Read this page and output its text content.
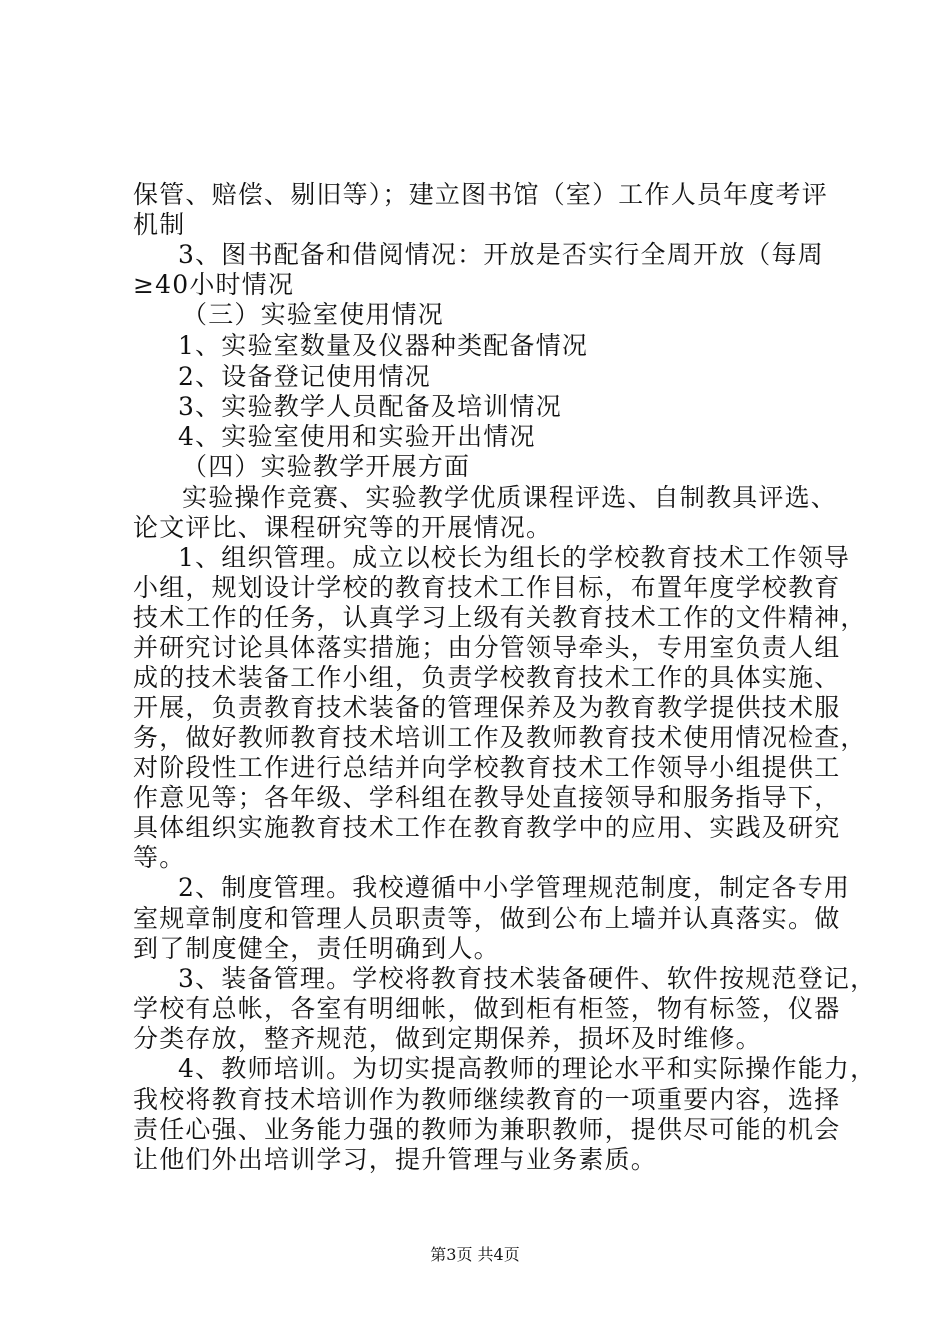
保管、赔偿、剔旧等）；建立图书馆（室）工作人员年度考评
机制
3、图书配备和借阅情况：开放是否实行全周开放（每周
≥40小时情况
（三）实验室使用情况
1、实验室数量及仪器种类配备情况
2、设备登记使用情况
3、实验教学人员配备及培训情况
4、实验室使用和实验开出情况
（四）实验教学开展方面
实验操作竞赛、实验教学优质课程评选、自制教具评选、
论文评比、课程研究等的开展情况。
1、组织管理。成立以校长为组长的学校教育技术工作领导
小组，规划设计学校的教育技术工作目标，布置年度学校教育
技术工作的任务，认真学习上级有关教育技术工作的文件精神，
并研究讨论具体落实措施；由分管领导牵头，专用室负责人组
成的技术装备工作小组，负责学校教育技术工作的具体实施、
开展，负责教育技术装备的管理保养及为教育教学提供技术服
务，做好教师教育技术培训工作及教师教育技术使用情况检查，
对阶段性工作进行总结并向学校教育技术工作领导小组提供工
作意见等；各年级、学科组在教导处直接领导和服务指导下，
具体组织实施教育技术工作在教育教学中的应用、实践及研究
等。
2、制度管理。我校遵循中小学管理规范制度，制定各专用
室规章制度和管理人员职责等，做到公布上墙并认真落实。做
到了制度健全，责任明确到人。
3、装备管理。学校将教育技术装备硬件、软件按规范登记，
学校有总帐，各室有明细帐，做到柜有柜签，物有标签，仪器
分类存放，整齐规范，做到定期保养，损坏及时维修。
4、教师培训。为切实提高教师的理论水平和实际操作能力，
我校将教育技术培训作为教师继续教育的一项重要内容，选择
责任心强、业务能力强的教师为兼职教师，提供尽可能的机会
让他们外出培训学习，提升管理与业务素质。
第3页 共4页
